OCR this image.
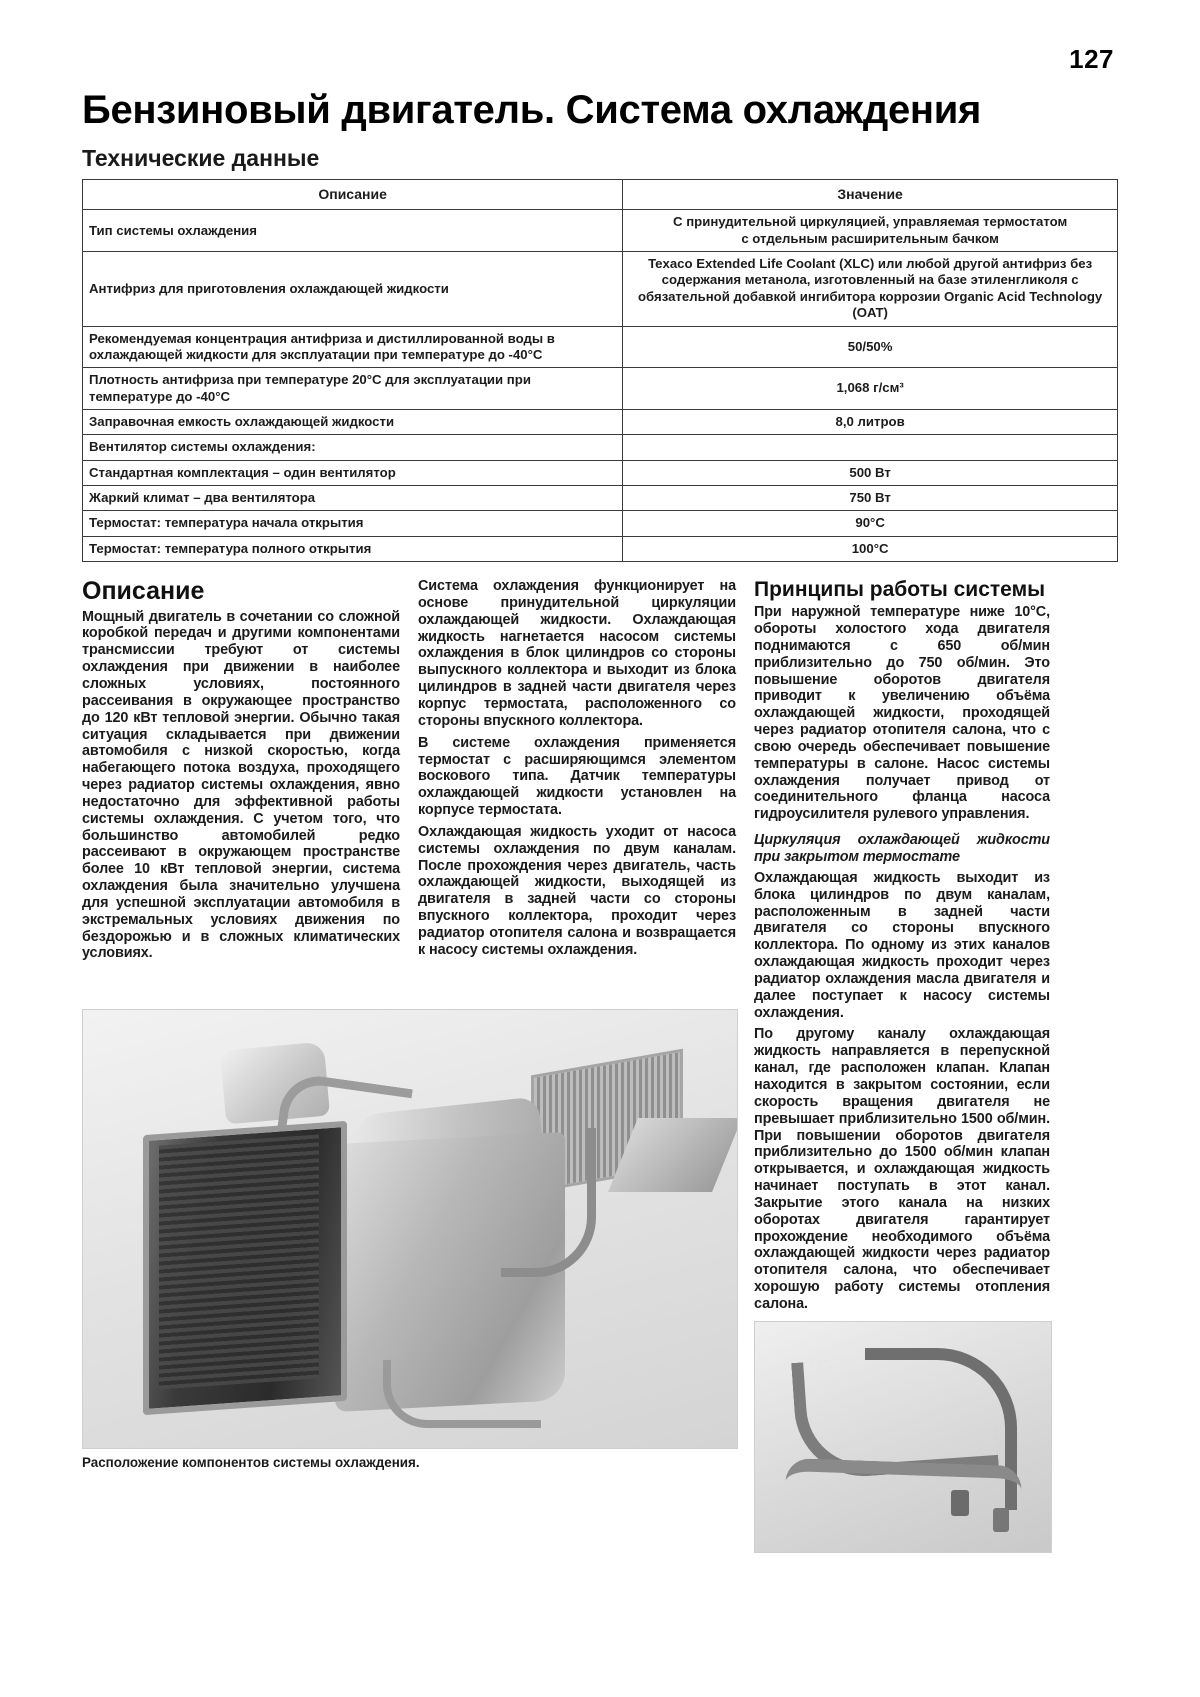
127
Бензиновый двигатель. Система охлаждения
Технические данные
Описание	Значение
Тип системы охлаждения	С принудительной циркуляцией, управляемая термостатом
с отдельным расширительным бачком
Антифриз для приготовления охлаждающей жидкости	Texaco Extended Life Coolant (XLC) или любой другой антифриз без содержания метанола, изготовленный на базе этиленгликоля с обязательной добавкой ингибитора коррозии Organic Acid Technology (OAT)
Рекомендуемая концентрация антифриза и дистиллированной воды в охлаждающей жидкости для эксплуатации при температуре до -40°С	50/50%
Плотность антифриза при температуре 20°С для эксплуатации при температуре до -40°С	1,068 г/см³
Заправочная емкость охлаждающей жидкости	8,0 литров
Вентилятор системы охлаждения:	
Стандартная комплектация – один вентилятор	500 Вт
Жаркий климат – два вентилятора	750 Вт
Термостат: температура начала открытия	90°С
Термостат: температура полного открытия	100°С
Описание

Мощный двигатель в сочетании со сложной коробкой передач и другими компонентами трансмиссии требуют от системы охлаждения при движении в наиболее сложных условиях, постоянного рассеивания в окружающее пространство до 120 кВт тепловой энергии. Обычно такая ситуация складывается при движении автомобиля с низкой скоростью, когда набегающего потока воздуха, проходящего через радиатор системы охлаждения, явно недостаточно для эффективной работы системы охлаждения. С учетом того, что большинство автомобилей редко рассеивают в окружающем пространстве более 10 кВт тепловой энергии, система охлаждения была значительно улучшена для успешной эксплуатации автомобиля в экстремальных условиях движения по бездорожью и в сложных климатических условиях.

Система охлаждения функционирует на основе принудительной циркуляции охлаждающей жидкости. Охлаждающая жидкость нагнетается насосом системы охлаждения в блок цилиндров со стороны выпускного коллектора и выходит из блока цилиндров в задней части двигателя через корпус термостата, расположенного со стороны впускного коллектора.

В системе охлаждения применяется термостат с расширяющимся элементом воскового типа. Датчик температуры охлаждающей жидкости установлен на корпусе термостата.

Охлаждающая жидкость уходит от насоса системы охлаждения по двум каналам. После прохождения через двигатель, часть охлаждающей жидкости, выходящей из двигателя в задней части со стороны впускного коллектора, проходит через радиатор отопителя салона и возвращается к насосу системы охлаждения.

Принципы работы системы

При наружной температуре ниже 10°С, обороты холостого хода двигателя поднимаются с 650 об/мин приблизительно до 750 об/мин. Это повышение оборотов двигателя приводит к увеличению объёма охлаждающей жидкости, проходящей через радиатор отопителя салона, что с свою очередь обеспечивает повышение температуры в салоне. Насос системы охлаждения получает привод от соединительного фланца насоса гидроусилителя рулевого управления.

Циркуляция охлаждающей жидкости при закрытом термостате

Охлаждающая жидкость выходит из блока цилиндров по двум каналам, расположенным в задней части двигателя со стороны впускного коллектора. По одному из этих каналов охлаждающая жидкость проходит через радиатор охлаждения масла двигателя и далее поступает к насосу системы охлаждения.

По другому каналу охлаждающая жидкость направляется в перепускной канал, где расположен клапан. Клапан находится в закрытом состоянии, если скорость вращения двигателя не превышает приблизительно 1500 об/мин. При повышении оборотов двигателя приблизительно до 1500 об/мин клапан открывается, и охлаждающая жидкость начинает поступать в этот канал. Закрытие этого канала на низких оборотах двигателя гарантирует прохождение необходимого объёма охлаждающей жидкости через радиатор отопителя салона, что обеспечивает хорошую работу системы отопления салона.

Расположение компонентов системы охлаждения.
